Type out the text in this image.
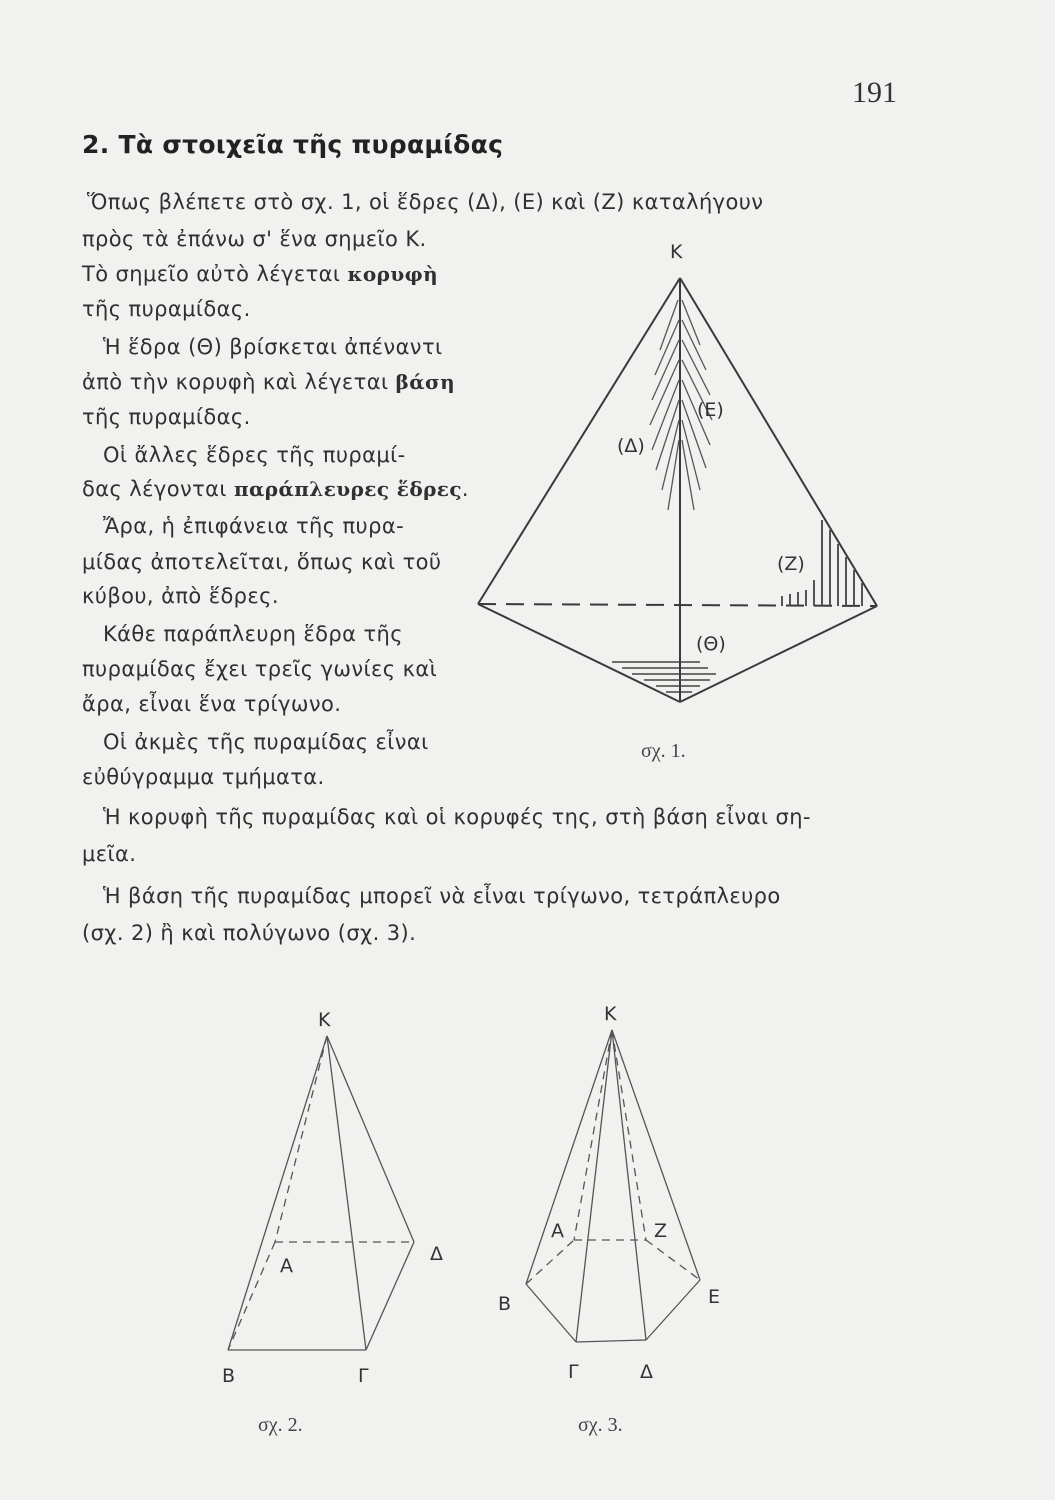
191
2. Τὰ στοιχεῖα τῆς πυραμίδας
Ὅπως βλέπετε στὸ σχ. 1, οἱ ἕδρες (Δ), (Ε) καὶ (Ζ) καταλήγουν
πρὸς τὰ ἐπάνω σ' ἕνα σημεῖο Κ.
Τὸ σημεῖο αὐτὸ λέγεται κορυφὴ
τῆς πυραμίδας.
Ἡ ἕδρα (Θ) βρίσκεται ἀπέναντι
ἀπὸ τὴν κορυφὴ καὶ λέγεται βάση
τῆς πυραμίδας.
Οἱ ἄλλες ἕδρες τῆς πυραμί-
δας λέγονται παράπλευρες ἕδρες.
Ἄρα, ἡ ἐπιφάνεια τῆς πυρα-
μίδας ἀποτελεῖται, ὅπως καὶ τοῦ
κύβου, ἀπὸ ἕδρες.
Κάθε παράπλευρη ἕδρα τῆς
πυραμίδας ἔχει τρεῖς γωνίες καὶ
ἄρα, εἶναι ἕνα τρίγωνο.
Οἱ ἀκμὲς τῆς πυραμίδας εἶναι
εὐθύγραμμα τμήματα.
Ἡ κορυφὴ τῆς πυραμίδας καὶ οἱ κορυφές της, στὴ βάση εἶναι ση-
μεῖα.
Ἡ βάση τῆς πυραμίδας μπορεῖ νὰ εἶναι τρίγωνο, τετράπλευρο
(σχ. 2) ἢ καὶ πολύγωνο (σχ. 3).
Κ
(Δ)
(Ε)
(Ζ)
(Θ)
σχ. 1.
Κ
Α
Β	Γ
Δ
σχ. 2.
Κ
Α
Β
Γ	Δ
Ε
Ζ
σχ. 3.
